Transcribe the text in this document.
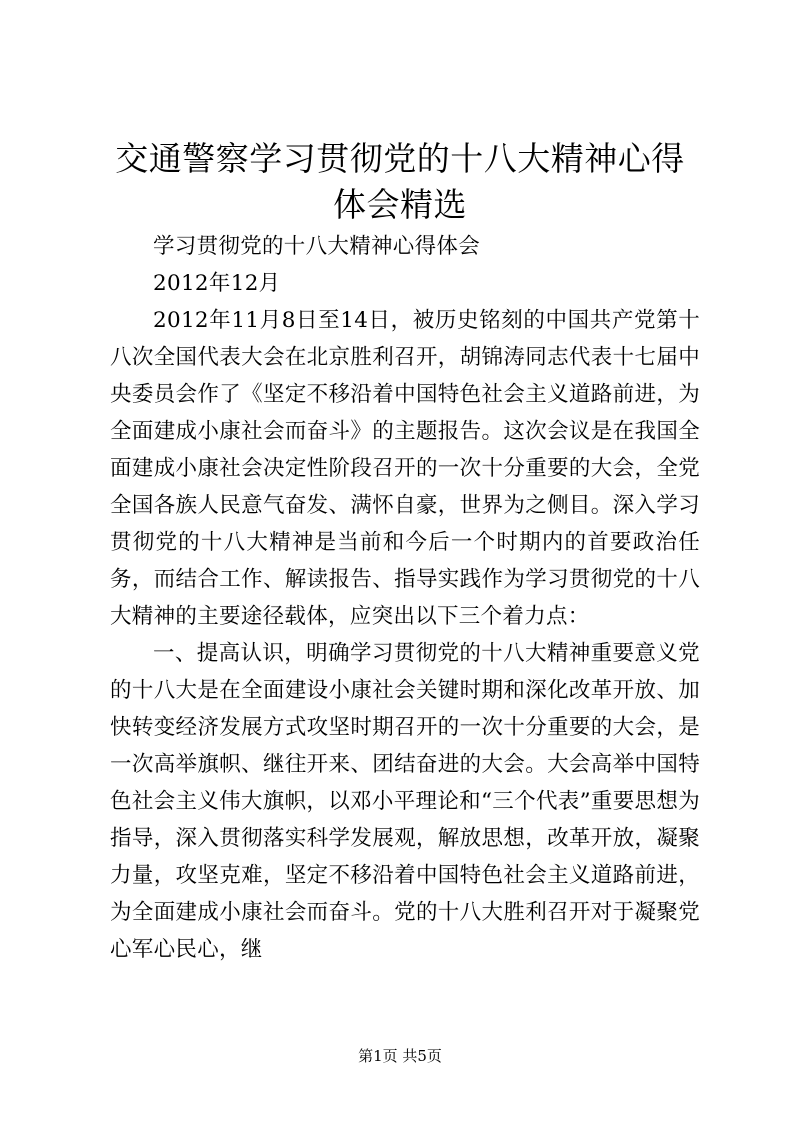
交通警察学习贯彻党的十八大精神心得体会精选

学习贯彻党的十八大精神心得体会

2012年12月

2012年11月8日至14日，被历史铭刻的中国共产党第十八次全国代表大会在北京胜利召开，胡锦涛同志代表十七届中央委员会作了《坚定不移沿着中国特色社会主义道路前进，为全面建成小康社会而奋斗》的主题报告。这次会议是在我国全面建成小康社会决定性阶段召开的一次十分重要的大会，全党全国各族人民意气奋发、满怀自豪，世界为之侧目。深入学习贯彻党的十八大精神是当前和今后一个时期内的首要政治任务，而结合工作、解读报告、指导实践作为学习贯彻党的十八大精神的主要途径载体，应突出以下三个着力点：

一、提高认识，明确学习贯彻党的十八大精神重要意义党的十八大是在全面建设小康社会关键时期和深化改革开放、加快转变经济发展方式攻坚时期召开的一次十分重要的大会，是一次高举旗帜、继往开来、团结奋进的大会。大会高举中国特色社会主义伟大旗帜，以邓小平理论和“三个代表”重要思想为指导，深入贯彻落实科学发展观，解放思想，改革开放，凝聚力量，攻坚克难，坚定不移沿着中国特色社会主义道路前进，为全面建成小康社会而奋斗。党的十八大胜利召开对于凝聚党心军心民心，继

第1页 共5页
